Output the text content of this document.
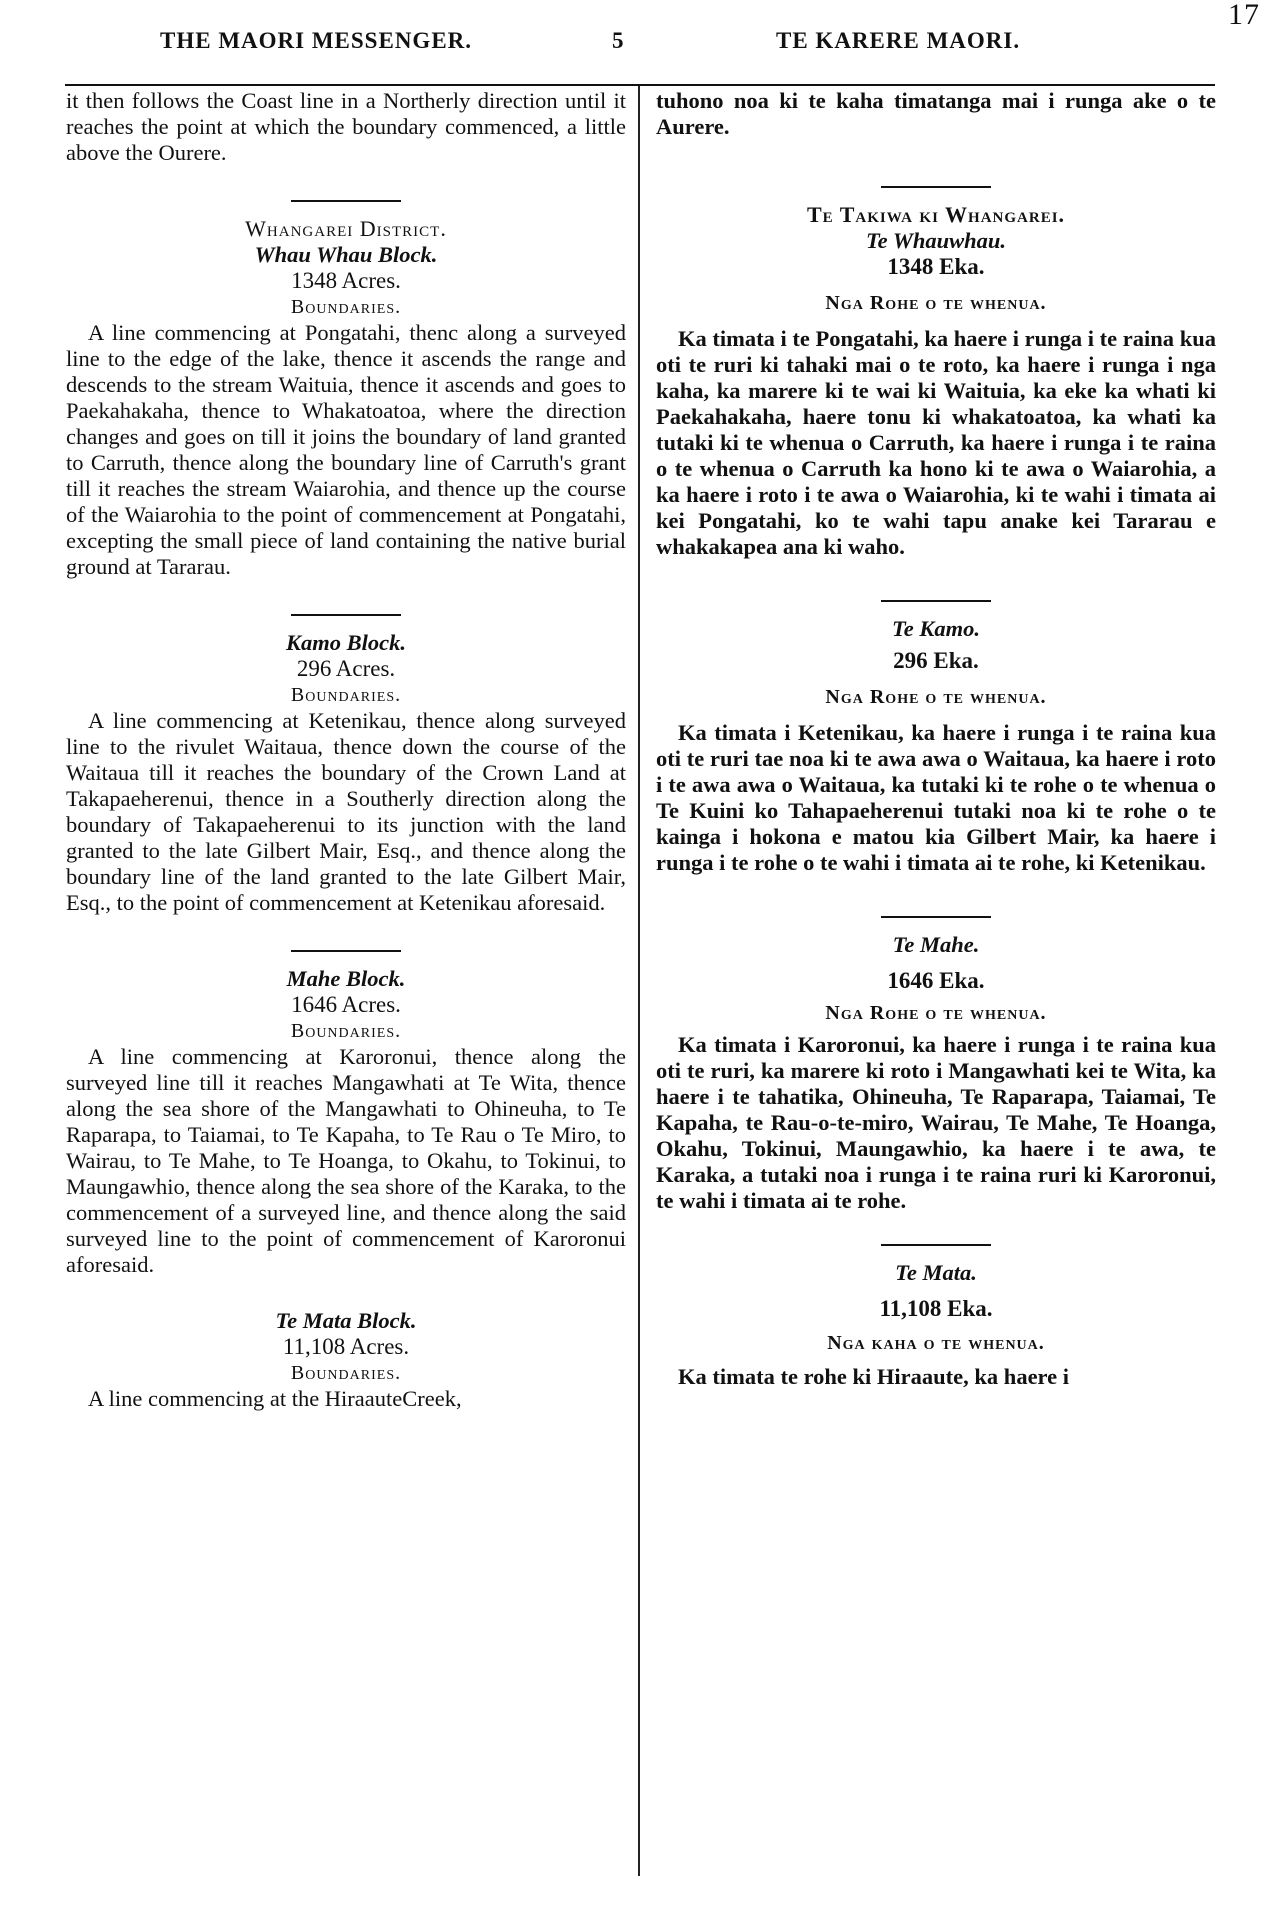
THE MAORI MESSENGER.	5	TE KARERE MAORI.
17

it then follows the Coast line in a Northerly direction until it reaches the point at which the boundary commenced, a little above the Ourere.

Whangarei District.
Whau Whau Block.
1348 Acres.
Boundaries.

A line commencing at Pongatahi, thenc along a surveyed line to the edge of the lake, thence it ascends the range and descends to the stream Waituia, thence it ascends and goes to Paekahakaha, thence to Whakatoatoa, where the direction changes and goes on till it joins the boundary of land granted to Carruth, thence along the boundary line of Carruth's grant till it reaches the stream Waiarohia, and thence up the course of the Waiarohia to the point of commencement at Pongatahi, excepting the small piece of land containing the native burial ground at Tararau.

Kamo Block.
296 Acres.
Boundaries.

A line commencing at Ketenikau, thence along surveyed line to the rivulet Waitaua, thence down the course of the Waitaua till it reaches the boundary of the Crown Land at Takapaeherenui, thence in a Southerly direction along the boundary of Takapaeherenui to its junction with the land granted to the late Gilbert Mair, Esq., and thence along the boundary line of the land granted to the late Gilbert Mair, Esq., to the point of commencement at Ketenikau aforesaid.

Mahe Block.
1646 Acres.
Boundaries.

A line commencing at Karoronui, thence along the surveyed line till it reaches Mangawhati at Te Wita, thence along the sea shore of the Mangawhati to Ohineuha, to Te Raparapa, to Taiamai, to Te Kapaha, to Te Rau o Te Miro, to Wairau, to Te Mahe, to Te Hoanga, to Okahu, to Tokinui, to Maungawhio, thence along the sea shore of the Karaka, to the commencement of a surveyed line, and thence along the said surveyed line to the point of commencement of Karoronui aforesaid.

Te Mata Block.
11,108 Acres.
Boundaries.

A line commencing at the HiraauteCreek,

tuhono noa ki te kaha timatanga mai i runga ake o te Aurere.

Te Takiwa ki Whangarei.
Te Whauwhau.
1348 Eka.
Nga Rohe o te whenua.

Ka timata i te Pongatahi, ka haere i runga i te raina kua oti te ruri ki tahaki mai o te roto, ka haere i runga i nga kaha, ka marere ki te wai ki Waituia, ka eke ka whati ki Paekahakaha, haere tonu ki whakatoatoa, ka whati ka tutaki ki te whenua o Carruth, ka haere i runga i te raina o te whenua o Carruth ka hono ki te awa o Waiarohia, a ka haere i roto i te awa o Waiarohia, ki te wahi i timata ai kei Pongatahi, ko te wahi tapu anake kei Tararau e whakakapea ana ki waho.

Te Kamo.
296 Eka.
Nga Rohe o te whenua.

Ka timata i Ketenikau, ka haere i runga i te raina kua oti te ruri tae noa ki te awa awa o Waitaua, ka haere i roto i te awa awa o Waitaua, ka tutaki ki te rohe o te whenua o Te Kuini ko Tahapaeherenui tutaki noa ki te rohe o te kainga i hokona e matou kia Gilbert Mair, ka haere i runga i te rohe o te wahi i timata ai te rohe, ki Ketenikau.

Te Mahe.
1646 Eka.
Nga Rohe o te whenua.

Ka timata i Karoronui, ka haere i runga i te raina kua oti te ruri, ka marere ki roto i Mangawhati kei te Wita, ka haere i te tahatika, Ohineuha, Te Raparapa, Taiamai, Te Kapaha, te Rau-o-te-miro, Wairau, Te Mahe, Te Hoanga, Okahu, Tokinui, Maungawhio, ka haere i te awa, te Karaka, a tutaki noa i runga i te raina ruri ki Karoronui, te wahi i timata ai te rohe.

Te Mata.
11,108 Eka.
Nga kaha o te whenua.

Ka timata te rohe ki Hiraaute, ka haere i
